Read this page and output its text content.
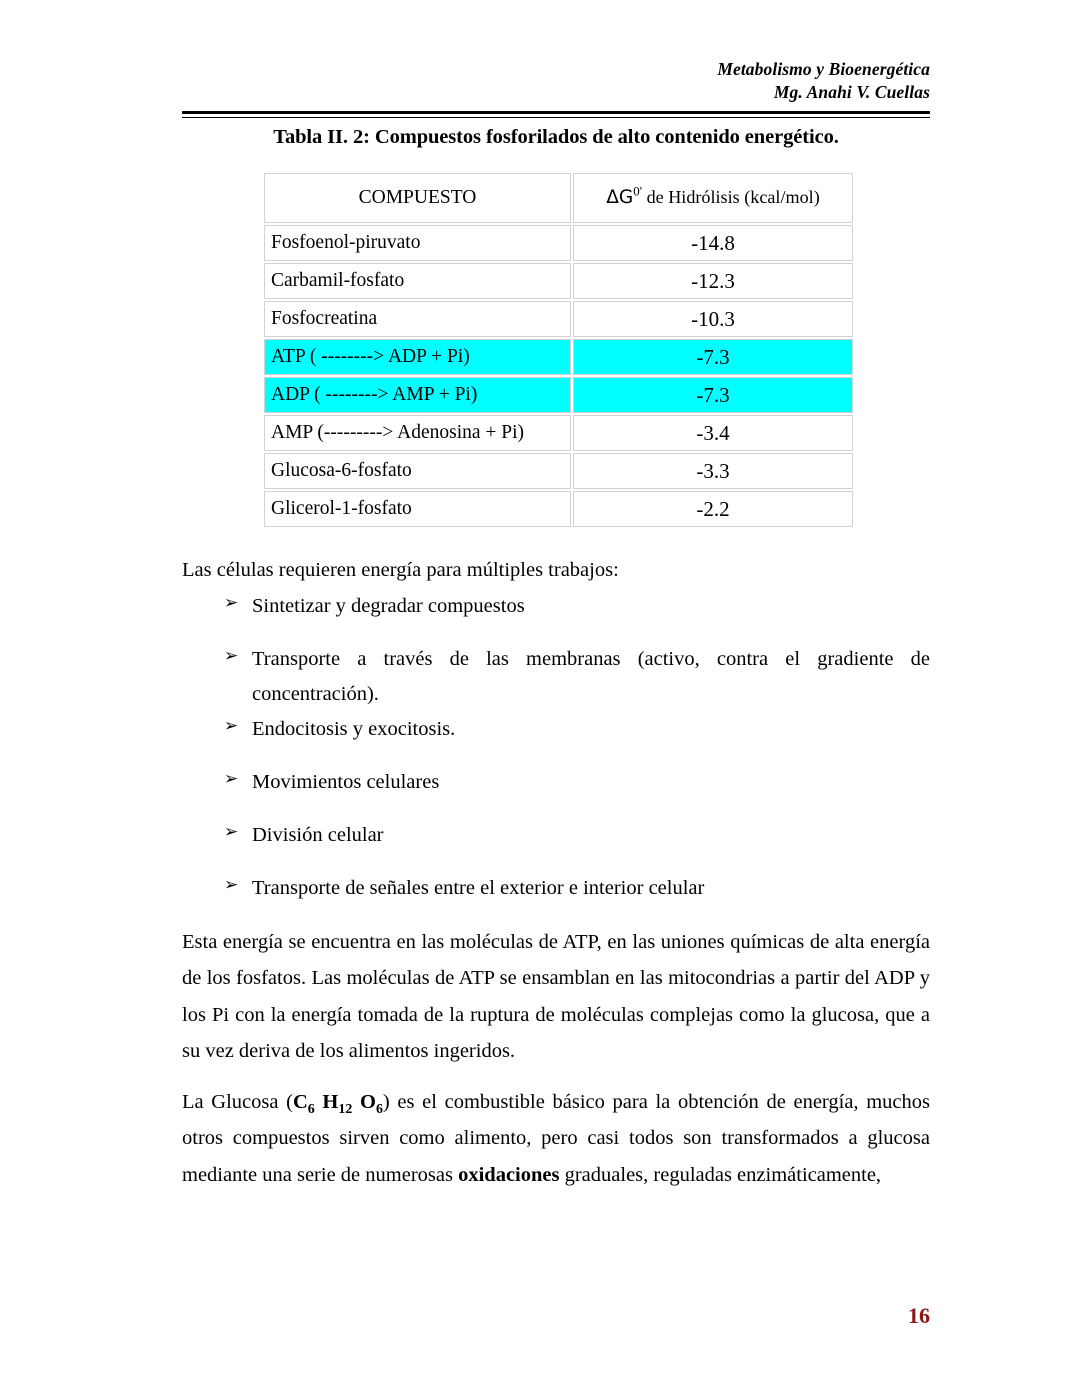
Metabolismo y Bioenergética
Mg. Anahi V. Cuellas
Tabla II. 2: Compuestos fosforilados de alto contenido energético.
COMPUESTO	$\Delta G^{0'}$ de Hidrólisis (kcal/mol)
Fosfoenol-piruvato	-14.8
Carbamil-fosfato	-12.3
Fosfocreatina	-10.3
ATP ( --------> ADP + Pi)	-7.3
ADP ( --------> AMP + Pi)	-7.3
AMP (---------> Adenosina + Pi)	-3.4
Glucosa-6-fosfato	-3.3
Glicerol-1-fosfato	-2.2

Las células requieren energía para múltiples trabajos:

➢ Sintetizar y degradar compuestos
➢ Transporte a través de las membranas (activo, contra el gradiente de concentración).
➢ Endocitosis y exocitosis.
➢ Movimientos celulares
➢ División celular
➢ Transporte de señales entre el exterior e interior celular

Esta energía se encuentra en las moléculas de ATP, en las uniones químicas de alta energía de los fosfatos. Las moléculas de ATP se ensamblan en las mitocondrias a partir del ADP y los Pi con la energía tomada de la ruptura de moléculas complejas como la glucosa, que a su vez deriva de los alimentos ingeridos.

La Glucosa ($C_6$ $H_{12}$ $O_6$) es el combustible básico para la obtención de energía, muchos otros compuestos sirven como alimento, pero casi todos son transformados a glucosa mediante una serie de numerosas oxidaciones graduales, reguladas enzimáticamente,

16
